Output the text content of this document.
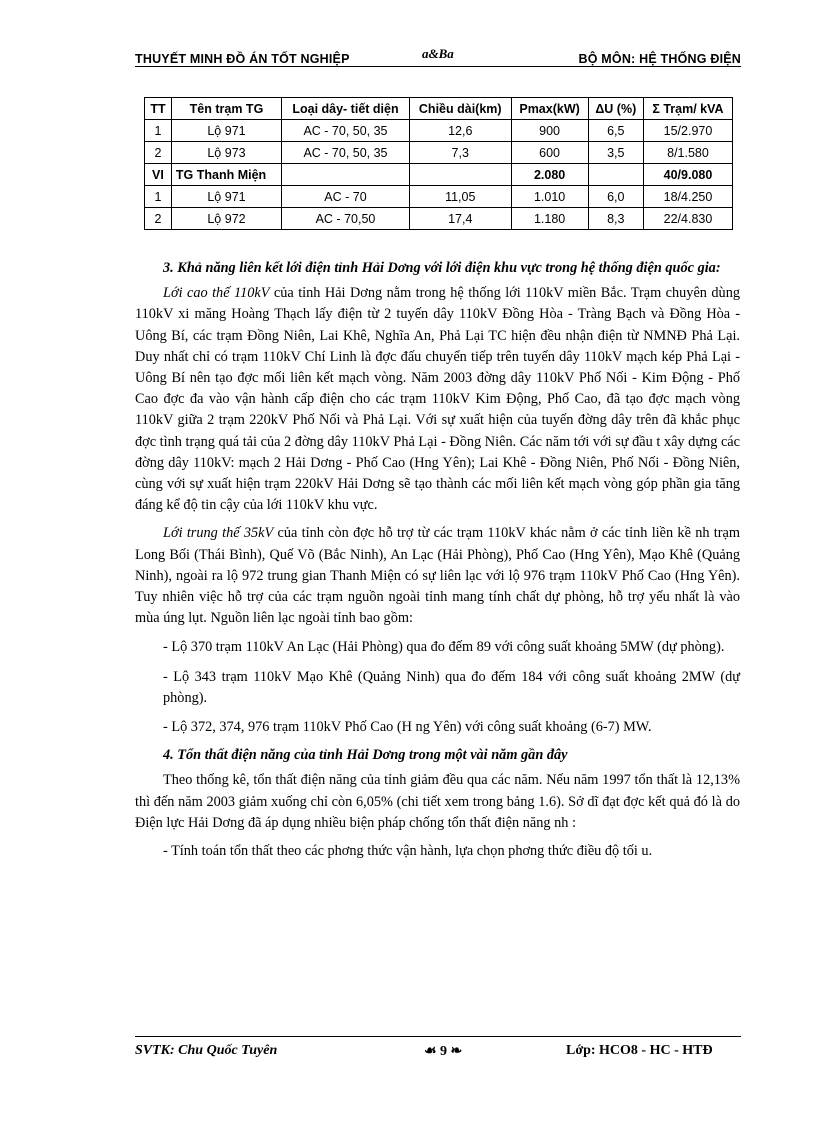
THUYẾT MINH ĐỒ ÁN TỐT NGHIỆP	a&Ba	BỘ MÔN: HỆ THỐNG ĐIỆN
TT	Tên trạm TG	Loại dây- tiết diện	Chiều dài(km)	Pmax(kW)	ΔU (%)	Σ Trạm/ kVA
1	Lộ 971	AC - 70, 50, 35	12,6	900	6,5	15/2.970
2	Lộ 973	AC - 70, 50, 35	7,3	600	3,5	8/1.580
VI	TG Thanh Miện			2.080		40/9.080
1	Lộ 971	AC - 70	11,05	1.010	6,0	18/4.250
2	Lộ 972	AC - 70,50	17,4	1.180	8,3	22/4.830

3. Khả năng liên kết lới điện tỉnh Hải Dơng với lới điện khu vực trong hệ thống điện quốc gia:

Lới cao thế 110kV của tỉnh Hải Dơng nằm trong hệ thống lới 110kV miền Bắc. Trạm chuyên dùng 110kV xi măng Hoàng Thạch lấy điện từ 2 tuyến dây 110kV Đồng Hòa - Tràng Bạch và Đồng Hòa - Uông Bí, các trạm Đồng Niên, Lai Khê, Nghĩa An, Phả Lại TC hiện đều nhận điện từ NMNĐ Phả Lại. Duy nhất chỉ có trạm 110kV Chí Linh là đợc đấu chuyển tiếp trên tuyến dây 110kV mạch kép Phả Lại - Uông Bí nên tạo đợc mối liên kết mạch vòng. Năm 2003 đờng dây 110kV Phố Nối - Kim Động - Phố Cao đợc đa vào vận hành cấp điện cho các trạm 110kV Kim Động, Phố Cao, đã tạo đợc mạch vòng 110kV giữa 2 trạm 220kV Phố Nối và Phả Lại. Với sự xuất hiện của tuyến đờng dây trên đã khắc phục đợc tình trạng quá tải của 2 đờng dây 110kV Phả Lại - Đồng Niên. Các năm tới với sự đầu t xây dựng các đờng dây 110kV: mạch 2 Hải Dơng - Phố Cao (Hng Yên); Lai Khê - Đồng Niên, Phố Nối - Đồng Niên, cùng với sự xuất hiện trạm 220kV Hải Dơng sẽ tạo thành các mối liên kết mạch vòng góp phần gia tăng đáng kể độ tin cậy của lới 110kV khu vực.

Lới trung thế 35kV của tỉnh còn đợc hỗ trợ từ các trạm 110kV khác nằm ở các tỉnh liền kề nh trạm Long Bối (Thái Bình), Quế Võ (Bắc Ninh), An Lạc (Hải Phòng), Phố Cao (Hng Yên), Mạo Khê (Quảng Ninh), ngoài ra lộ 972 trung gian Thanh Miện có sự liên lạc với lộ 976 trạm 110kV Phố Cao (Hng Yên). Tuy nhiên việc hỗ trợ của các trạm nguồn ngoài tỉnh mang tính chất dự phòng, hỗ trợ yếu nhất là vào mùa úng lụt. Nguồn liên lạc ngoài tỉnh bao gồm:

- Lộ 370 trạm 110kV An Lạc (Hải Phòng) qua đo đếm 89 với công suất khoảng 5MW (dự phòng).

- Lộ 343 trạm 110kV Mạo Khê (Quảng Ninh) qua đo đếm 184 với công suất khoảng 2MW (dự phòng).

- Lộ 372, 374, 976 trạm 110kV Phố Cao (H ng Yên) với công suất khoảng (6-7) MW.

4. Tổn thất điện năng của tỉnh Hải Dơng trong một vài năm gần đây

Theo thống kê, tổn thất điện năng của tỉnh giảm đều qua các năm. Nếu năm 1997 tổn thất là 12,13% thì đến năm 2003 giảm xuống chỉ còn 6,05% (chi tiết xem trong bảng 1.6). Sở dĩ đạt đợc kết quả đó là do Điện lực Hải Dơng đã áp dụng nhiều biện pháp chống tổn thất điện năng nh :

- Tính toán tổn thất theo các phơng thức vận hành, lựa chọn phơng thức điều độ tối u.

SVTK: Chu Quốc Tuyên	☙ 9 ❧	Lớp: HCO8 - HC - HTĐ
